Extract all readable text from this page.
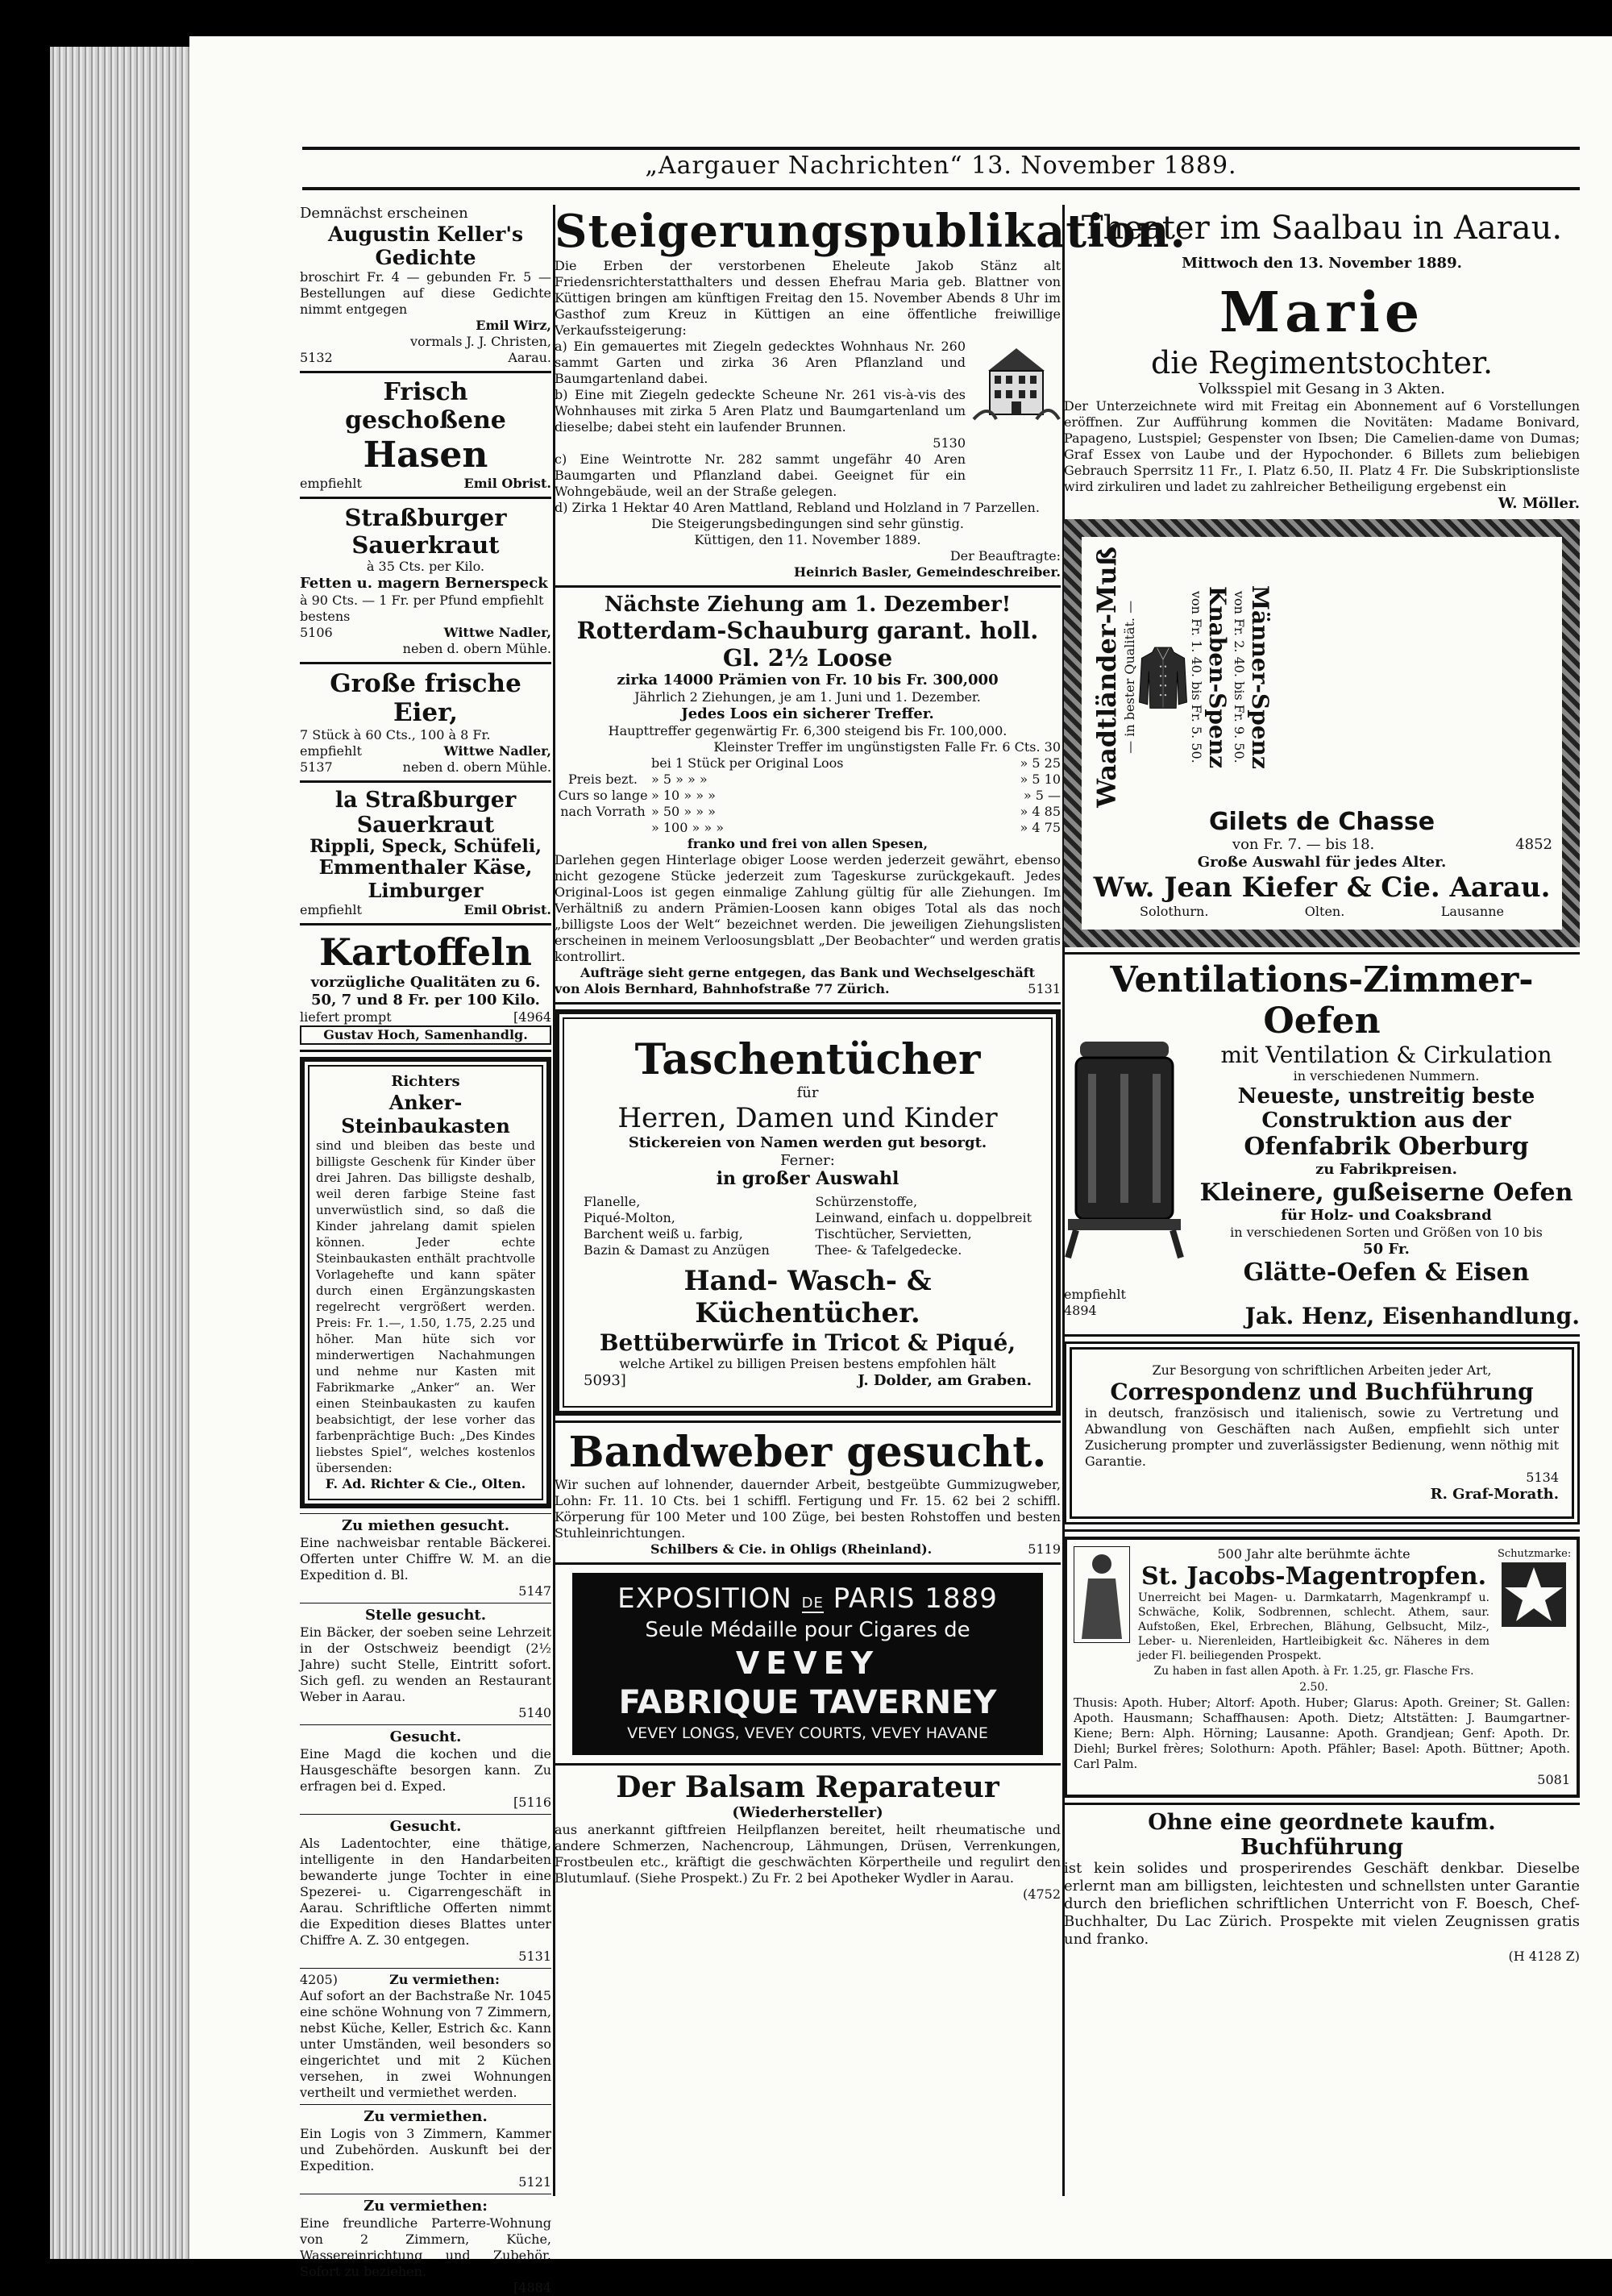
„Aargauer Nachrichten“ 13. November 1889.

Demnächst erscheinen

Augustin Keller's Gedichte

broschirt Fr. 4 — gebunden Fr. 5 — Bestellungen auf diese Gedichte nimmt entgegen

Emil Wirz,

vormals J. J. Christen,

5132	Aarau.

Frisch geschoßene

Hasen

empfiehlt	Emil Obrist.

Straßburger Sauerkraut

à 35 Cts. per Kilo.

Fetten u. magern Bernerspeck

à 90 Cts. — 1 Fr. per Pfund empfiehlt bestens

5106	Wittwe Nadler,

neben d. obern Mühle.

Große frische Eier,

7 Stück à 60 Cts., 100 à 8 Fr.

empfiehlt	Wittwe Nadler,
5137	neben d. obern Mühle.

la Straßburger Sauerkraut

Rippli, Speck, Schüfeli,

Emmenthaler Käse,

Limburger

empfiehlt	Emil Obrist.

Kartoffeln

vorzügliche Qualitäten zu 6. 50, 7 und 8 Fr. per 100 Kilo.

liefert prompt	[4964

Gustav Hoch, Samenhandlg.

Richters

Anker-Steinbaukasten

sind und bleiben das beste und billigste Geschenk für Kinder über drei Jahren. Das billigste deshalb, weil deren farbige Steine fast unverwüstlich sind, so daß die Kinder jahrelang damit spielen können. Jeder echte Steinbaukasten enthält prachtvolle Vorlagehefte und kann später durch einen Ergänzungskasten regelrecht vergrößert werden. Preis: Fr. 1.—, 1.50, 1.75, 2.25 und höher. Man hüte sich vor minderwertigen Nachahmungen und nehme nur Kasten mit Fabrikmarke „Anker“ an. Wer einen Steinbaukasten zu kaufen beabsichtigt, der lese vorher das farbenprächtige Buch: „Des Kindes liebstes Spiel“, welches kostenlos übersenden:

F. Ad. Richter & Cie., Olten.

Zu miethen gesucht.

Eine nachweisbar rentable Bäckerei. Offerten unter Chiffre W. M. an die Expedition d. Bl.

5147

Stelle gesucht.

Ein Bäcker, der soeben seine Lehrzeit in der Ostschweiz beendigt (2½ Jahre) sucht Stelle, Eintritt sofort. Sich gefl. zu wenden an Restaurant Weber in Aarau.

5140

Gesucht.

Eine Magd die kochen und die Hausgeschäfte besorgen kann. Zu erfragen bei d. Exped.

[5116

Gesucht.

Als Ladentochter, eine thätige, intelligente in den Handarbeiten bewanderte junge Tochter in eine Spezerei- u. Cigarrengeschäft in Aarau. Schriftliche Offerten nimmt die Expedition dieses Blattes unter Chiffre A. Z. 30 entgegen.

5131

4205)	Zu vermiethen:

Auf sofort an der Bachstraße Nr. 1045 eine schöne Wohnung von 7 Zimmern, nebst Küche, Keller, Estrich &c. Kann unter Umständen, weil besonders so eingerichtet und mit 2 Küchen versehen, in zwei Wohnungen vertheilt und vermiethet werden.

Zu vermiethen.

Ein Logis von 3 Zimmern, Kammer und Zubehörden. Auskunft bei der Expedition.

5121

Zu vermiethen:

Eine freundliche Parterre-Wohnung von 2 Zimmern, Küche, Wassereinrichtung und Zubehör. Sofort zu beziehen.

[4884

Steigerungspublikation.

Die Erben der verstorbenen Eheleute Jakob Stänz alt Friedensrichterstatthalters und dessen Ehefrau Maria geb. Blattner von Küttigen bringen am künftigen Freitag den 15. November Abends 8 Uhr im Gasthof zum Kreuz in Küttigen an eine öffentliche freiwillige Verkaufssteigerung:

a) Ein gemauertes mit Ziegeln gedecktes Wohnhaus Nr. 260 sammt Garten und zirka 36 Aren Pflanzland und Baumgartenland dabei.

b) Eine mit Ziegeln gedeckte Scheune Nr. 261 vis-à-vis des Wohnhauses mit zirka 5 Aren Platz und Baumgartenland um dieselbe; dabei steht ein laufender Brunnen.

5130

c) Eine Weintrotte Nr. 282 sammt ungefähr 40 Aren Baumgarten und Pflanzland dabei. Geeignet für ein Wohngebäude, weil an der Straße gelegen.

d) Zirka 1 Hektar 40 Aren Mattland, Rebland und Holzland in 7 Parzellen.

Die Steigerungsbedingungen sind sehr günstig.

Küttigen, den 11. November 1889.

Der Beauftragte:

Heinrich Basler, Gemeindeschreiber.

Nächste Ziehung am 1. Dezember!

Rotterdam-Schauburg garant. holl. Gl. 2½ Loose

zirka 14000 Prämien von Fr. 10 bis Fr. 300,000

Jährlich 2 Ziehungen, je am 1. Juni und 1. Dezember.

Jedes Loos ein sicherer Treffer.

Haupttreffer gegenwärtig Fr. 6,300 steigend bis Fr. 100,000.

Kleinster Treffer im ungünstigsten Falle Fr. 6 Cts. 30

Preis bezt. Curs so lange nach Vorrath

bei 1 Stück per Original Loos	» 5 25
» 5 » » »	» 5 10
» 10 » » »	» 5 —
» 50 » » »	» 4 85
» 100 » » »	» 4 75

franko und frei von allen Spesen,

Darlehen gegen Hinterlage obiger Loose werden jederzeit gewährt, ebenso nicht gezogene Stücke jederzeit zum Tageskurse zurückgekauft. Jedes Original-Loos ist gegen einmalige Zahlung gültig für alle Ziehungen. Im Verhältniß zu andern Prämien-Loosen kann obiges Total als das noch „billigste Loos der Welt“ bezeichnet werden. Die jeweiligen Ziehungslisten erscheinen in meinem Verloosungsblatt „Der Beobachter“ und werden gratis kontrollirt.

Aufträge sieht gerne entgegen, das Bank und Wechselgeschäft

von Alois Bernhard, Bahnhofstraße 77 Zürich.	5131

Taschentücher

für

Herren, Damen und Kinder

Stickereien von Namen werden gut besorgt.

Ferner:

in großer Auswahl

Flanelle,

Piqué-Molton,

Barchent weiß u. farbig,

Bazin & Damast zu Anzügen

Schürzenstoffe,

Leinwand, einfach u. doppelbreit

Tischtücher, Servietten,

Thee- & Tafelgedecke.

Hand- Wasch- & Küchentücher.

Bettüberwürfe in Tricot & Piqué,

welche Artikel zu billigen Preisen bestens empfohlen hält

5093]	J. Dolder, am Graben.

Bandweber gesucht.

Wir suchen auf lohnender, dauernder Arbeit, bestgeübte Gummizugweber, Lohn: Fr. 11. 10 Cts. bei 1 schiffl. Fertigung und Fr. 15. 62 bei 2 schiffl. Körperung für 100 Meter und 100 Züge, bei besten Rohstoffen und besten Stuhleinrichtungen.

Schilbers & Cie. in Ohligs (Rheinland).	5119

EXPOSITION DE PARIS 1889

Seule Médaille pour Cigares de

VEVEY

FABRIQUE TAVERNEY

VEVEY LONGS, VEVEY COURTS, VEVEY HAVANE

Der Balsam Reparateur

(Wiederhersteller)

aus anerkannt giftfreien Heilpflanzen bereitet, heilt rheumatische und andere Schmerzen, Nachencroup, Lähmungen, Drüsen, Verrenkungen, Frostbeulen etc., kräftigt die geschwächten Körpertheile und regulirt den Blutumlauf. (Siehe Prospekt.) Zu Fr. 2 bei Apotheker Wydler in Aarau.

(4752

Theater im Saalbau in Aarau.

Mittwoch den 13. November 1889.

Marie

die Regimentstochter.

Volksspiel mit Gesang in 3 Akten.

Der Unterzeichnete wird mit Freitag ein Abonnement auf 6 Vorstellungen eröffnen. Zur Aufführung kommen die Novitäten: Madame Bonivard, Papageno, Lustspiel; Gespenster von Ibsen; Die Camelien-dame von Dumas; Graf Essex von Laube und der Hypochonder. 6 Billets zum beliebigen Gebrauch Sperrsitz 11 Fr., I. Platz 6.50, II. Platz 4 Fr. Die Subskriptionsliste wird zirkuliren und ladet zu zahlreicher Betheiligung ergebenst ein

W. Möller.

Waadtländer-Muß — in bester Qualität. —	Knaben-Spenz

von Fr. 1. 40. bis Fr. 5. 50. Männer-Spenz

von Fr. 2. 40. bis Fr. 9. 50.

Gilets de Chasse

von Fr. 7. — bis 18.	4852

Große Auswahl für jedes Alter.

Ww. Jean Kiefer & Cie. Aarau.

Solothurn.	Olten.	Lausanne

Ventilations-Zimmer-Oefen

mit Ventilation & Cirkulation

in verschiedenen Nummern.

Neueste, unstreitig beste Construktion aus der

Ofenfabrik Oberburg

zu Fabrikpreisen.

Kleinere, gußeiserne Oefen

für Holz- und Coaksbrand

in verschiedenen Sorten und Größen von 10 bis

50 Fr.

Glätte-Oefen & Eisen

empfiehlt
4894	Jak. Henz, Eisenhandlung.

Zur Besorgung von schriftlichen Arbeiten jeder Art,

Correspondenz und Buchführung

in deutsch, französisch und italienisch, sowie zu Vertretung und Abwandlung von Geschäften nach Außen, empfiehlt sich unter Zusicherung prompter und zuverlässigster Bedienung, wenn nöthig mit Garantie.

5134

R. Graf-Morath.

500 Jahr alte berühmte ächte

St. Jacobs-Magentropfen.

Unerreicht bei Magen- u. Darmkatarrh, Magenkrampf u. Schwäche, Kolik, Sodbrennen, schlecht. Athem, saur. Aufstoßen, Ekel, Erbrechen, Blähung, Gelbsucht, Milz-, Leber- u. Nierenleiden, Hartleibigkeit &c. Näheres in dem jeder Fl. beiliegenden Prospekt.

Zu haben in fast allen Apoth. à Fr. 1.25, gr. Flasche Frs. 2.50.

Schutzmarke:

Thusis: Apoth. Huber; Altorf: Apoth. Huber; Glarus: Apoth. Greiner; St. Gallen: Apoth. Hausmann; Schaffhausen: Apoth. Dietz; Altstätten: J. Baumgartner-Kiene; Bern: Alph. Hörning; Lausanne: Apoth. Grandjean; Genf: Apoth. Dr. Diehl; Burkel frères; Solothurn: Apoth. Pfähler; Basel: Apoth. Büttner; Apoth. Carl Palm.

5081

Ohne eine geordnete kaufm. Buchführung

ist kein solides und prosperirendes Geschäft denkbar. Dieselbe erlernt man am billigsten, leichtesten und schnellsten unter Garantie durch den brieflichen schriftlichen Unterricht von F. Boesch, Chef-Buchhalter, Du Lac Zürich. Prospekte mit vielen Zeugnissen gratis und franko.

(H 4128 Z)
